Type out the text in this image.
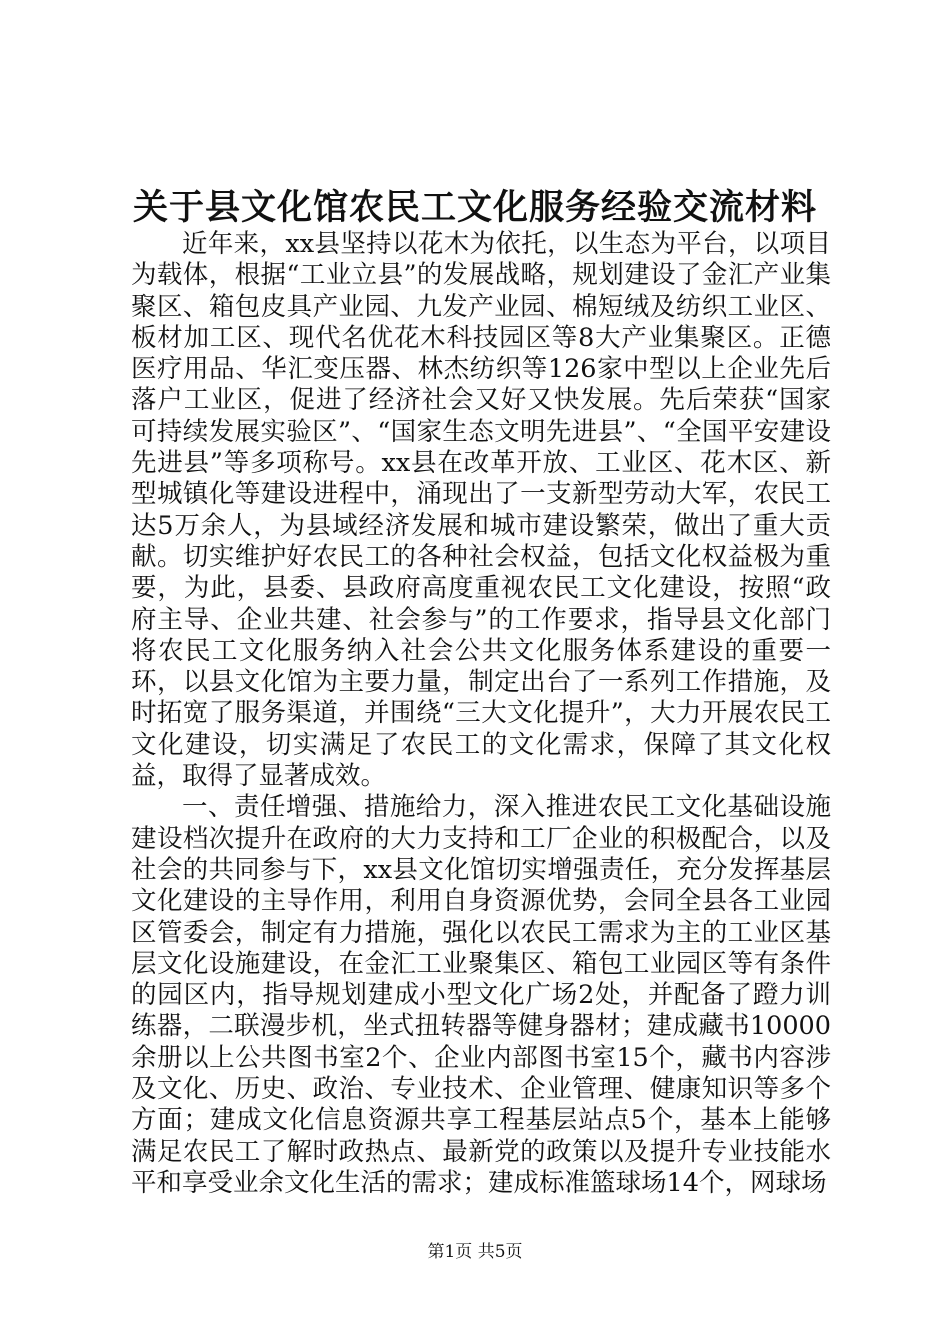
关于县文化馆农民工文化服务经验交流材料

近年来，xx县坚持以花木为依托，以生态为平台，以项目为载体，根据“工业立县”的发展战略，规划建设了金汇产业集聚区、箱包皮具产业园、九发产业园、棉短绒及纺织工业区、板材加工区、现代名优花木科技园区等8大产业集聚区。正德医疗用品、华汇变压器、林杰纺织等126家中型以上企业先后落户工业区，促进了经济社会又好又快发展。先后荣获“国家可持续发展实验区”、“国家生态文明先进县”、“全国平安建设先进县”等多项称号。xx县在改革开放、工业区、花木区、新型城镇化等建设进程中，涌现出了一支新型劳动大军，农民工达5万余人，为县域经济发展和城市建设繁荣，做出了重大贡献。切实维护好农民工的各种社会权益，包括文化权益极为重要，为此，县委、县政府高度重视农民工文化建设，按照“政府主导、企业共建、社会参与”的工作要求，指导县文化部门将农民工文化服务纳入社会公共文化服务体系建设的重要一环，以县文化馆为主要力量，制定出台了一系列工作措施，及时拓宽了服务渠道，并围绕“三大文化提升”，大力开展农民工文化建设，切实满足了农民工的文化需求，保障了其文化权益，取得了显著成效。

一、责任增强、措施给力，深入推进农民工文化基础设施建设档次提升在政府的大力支持和工厂企业的积极配合，以及社会的共同参与下，xx县文化馆切实增强责任，充分发挥基层文化建设的主导作用，利用自身资源优势，会同全县各工业园区管委会，制定有力措施，强化以农民工需求为主的工业区基层文化设施建设，在金汇工业聚集区、箱包工业园区等有条件的园区内，指导规划建成小型文化广场2处，并配备了蹬力训练器，二联漫步机，坐式扭转器等健身器材；建成藏书10000余册以上公共图书室2个、企业内部图书室15个，藏书内容涉及文化、历史、政治、专业技术、企业管理、健康知识等多个方面；建成文化信息资源共享工程基层站点5个，基本上能够满足农民工了解时政热点、最新党的政策以及提升专业技能水平和享受业余文化生活的需求；建成标准篮球场14个，网球场

第1页 共5页
